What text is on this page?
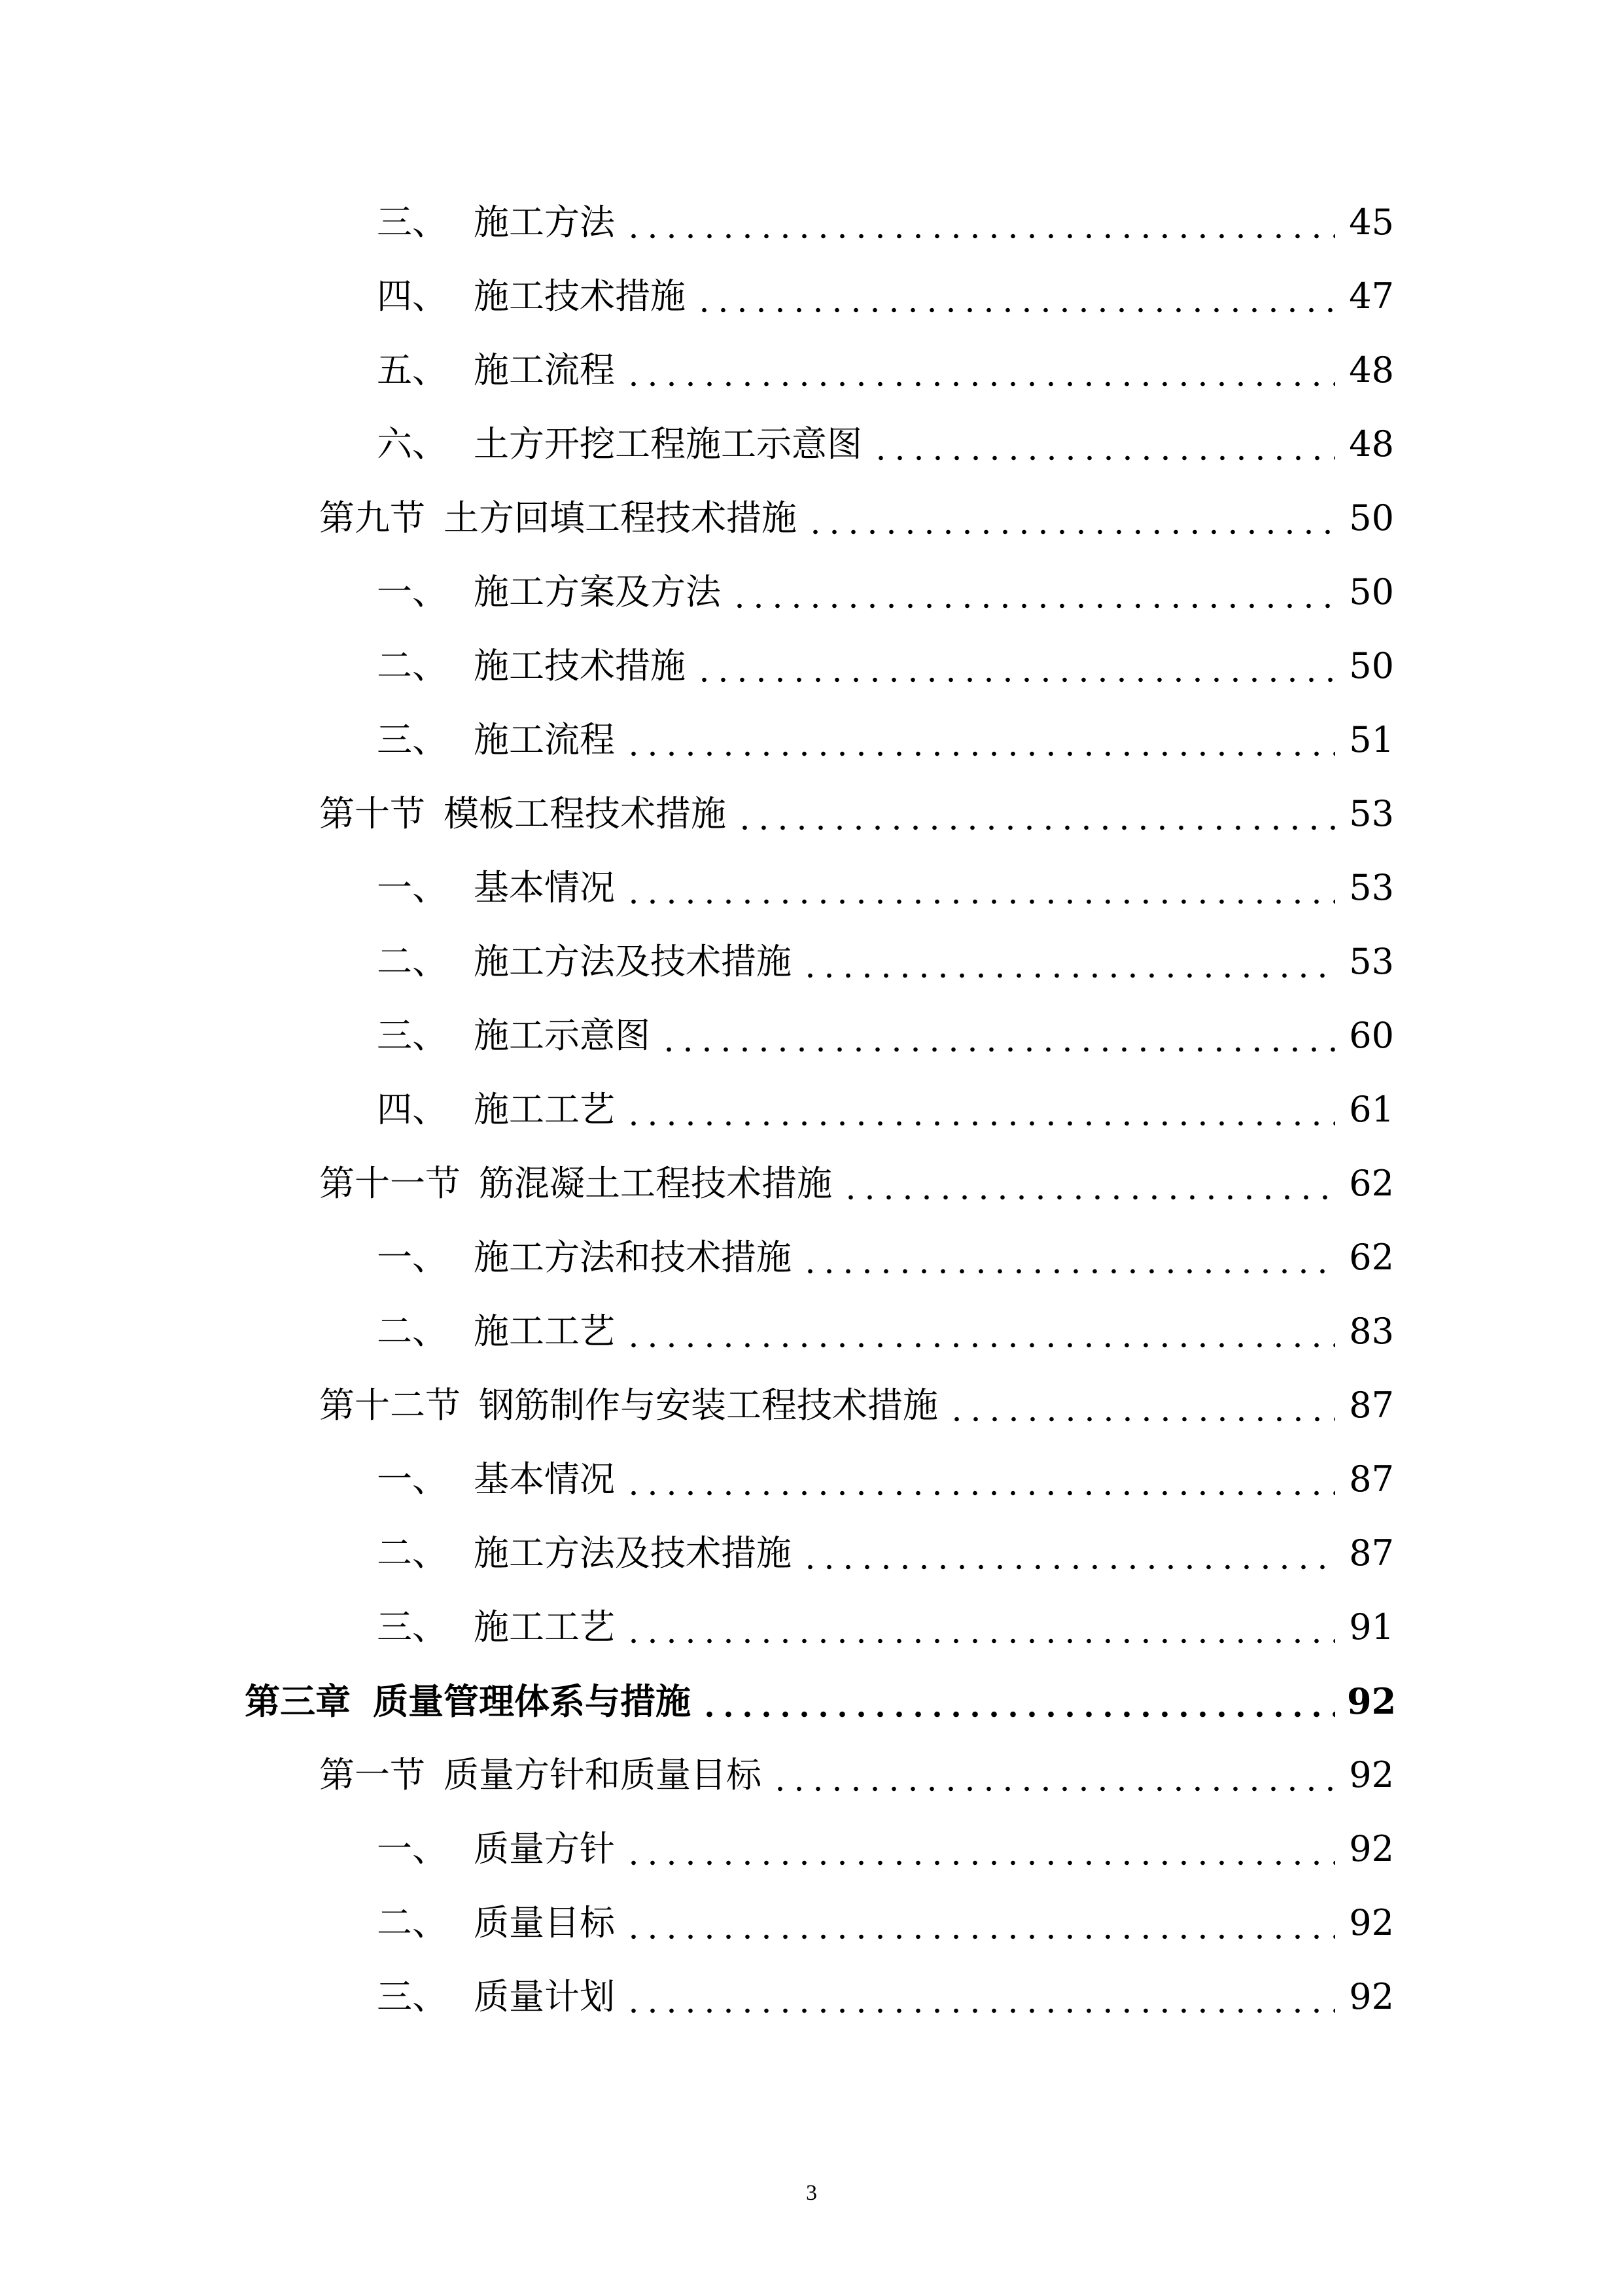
三、 施工方法	45
四、 施工技术措施	47
五、 施工流程	48
六、 土方开挖工程施工示意图	48
第九节 土方回填工程技术措施	50
一、 施工方案及方法	50
二、 施工技术措施	50
三、 施工流程	51
第十节 模板工程技术措施	53
一、 基本情况	53
二、 施工方法及技术措施	53
三、 施工示意图	60
四、 施工工艺	61
第十一节 筋混凝土工程技术措施	62
一、 施工方法和技术措施	62
二、 施工工艺	83
第十二节 钢筋制作与安装工程技术措施	87
一、 基本情况	87
二、 施工方法及技术措施	87
三、 施工工艺	91
第三章 质量管理体系与措施	92
第一节 质量方针和质量目标	92
一、 质量方针	92
二、 质量目标	92
三、 质量计划	92
3
